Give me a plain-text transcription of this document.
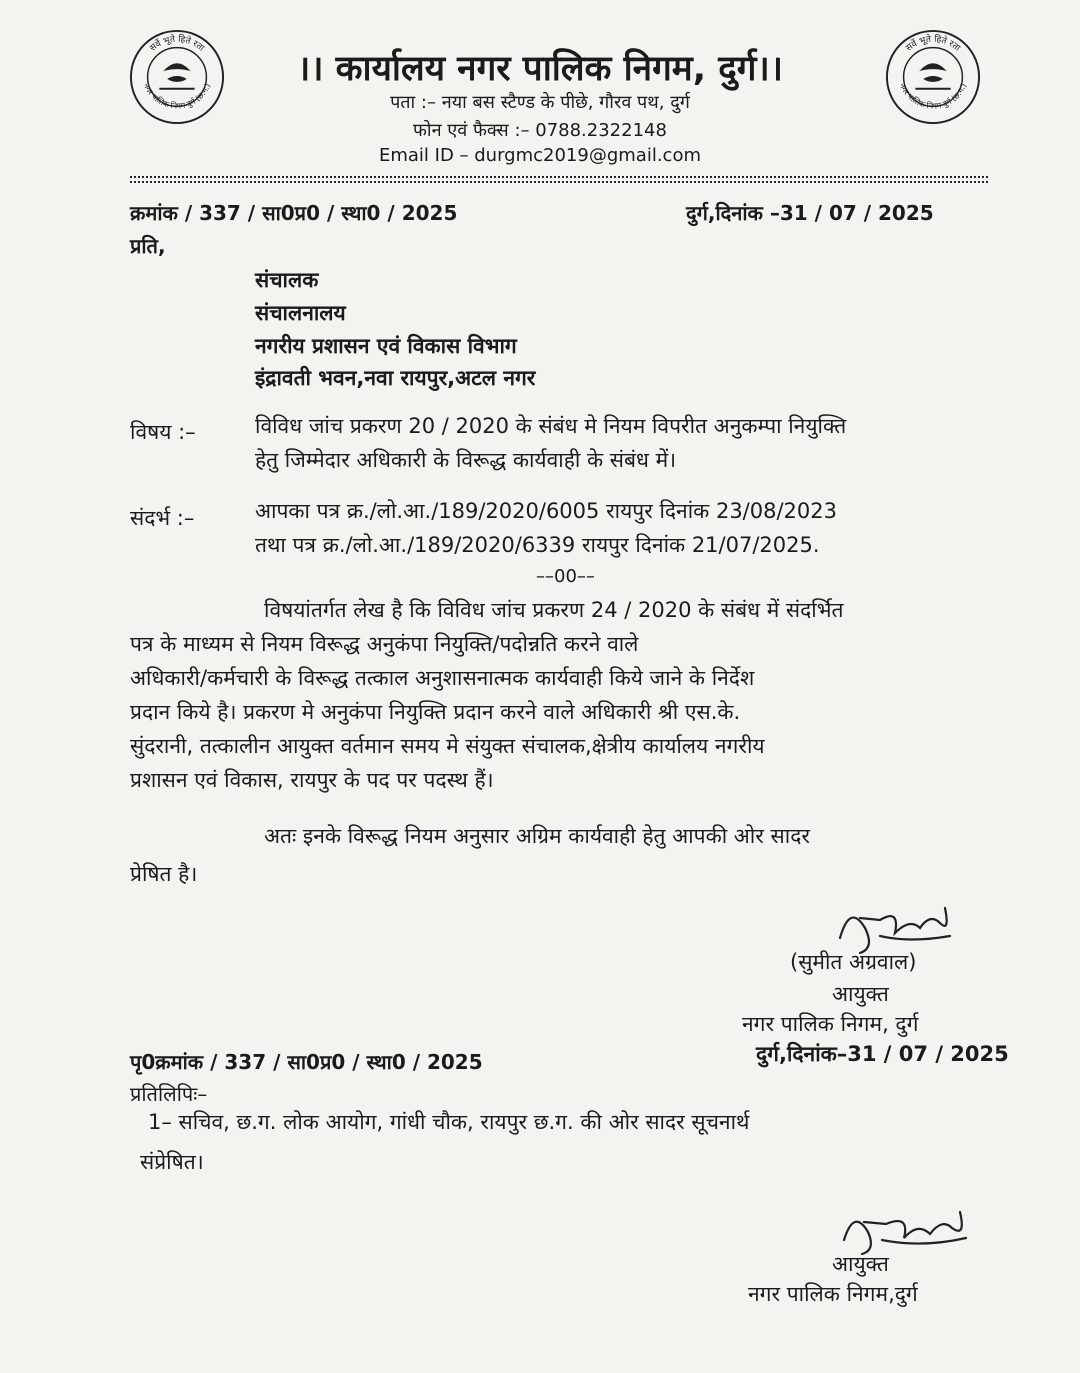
सर्वे भूते हिते रता
नगर पालिक निगम दुर्ग (छ.ग.)
सर्वे भूते हिते रता
नगर पालिक निगम दुर्ग (छ.ग.)
।। कार्यालय नगर पालिक निगम, दुर्ग।।
पता :– नया बस स्टैण्ड के पीछे, गौरव पथ, दुर्ग
फोन एवं फैक्स :– 0788.2322148
Email ID – durgmc2019@gmail.com
क्रमांक / 337 / सा0प्र0 / स्था0 / 2025	दुर्ग,दिनांक –31 / 07 / 2025
प्रति,
संचालक
संचालनालय
नगरीय प्रशासन एवं विकास विभाग
इंद्रावती भवन,नवा रायपुर,अटल नगर
विषय :–	विविध जांच प्रकरण 20 / 2020 के संबंध मे नियम विपरीत अनुकम्पा नियुक्ति
हेतु जिम्मेदार अधिकारी के विरूद्ध कार्यवाही के संबंध में।
संदर्भ :–	आपका पत्र क्र./लो.आ./189/2020/6005 रायपुर दिनांक 23/08/2023
तथा पत्र क्र./लो.आ./189/2020/6339 रायपुर दिनांक 21/07/2025.
––00––
विषयांतर्गत लेख है कि विविध जांच प्रकरण 24 / 2020 के संबंध में संदर्भित
पत्र के माध्यम से नियम विरूद्ध अनुकंपा नियुक्ति/पदोन्नति करने वाले
अधिकारी/कर्मचारी के विरूद्ध तत्काल अनुशासनात्मक कार्यवाही किये जाने के निर्देश
प्रदान किये है। प्रकरण मे अनुकंपा नियुक्ति प्रदान करने वाले अधिकारी श्री एस.के.
सुंदरानी, तत्कालीन आयुक्त वर्तमान समय मे संयुक्त संचालक,क्षेत्रीय कार्यालय नगरीय
प्रशासन एवं विकास, रायपुर के पद पर पदस्थ हैं।
अतः इनके विरूद्ध नियम अनुसार अग्रिम कार्यवाही हेतु आपकी ओर सादर
प्रेषित है।
(सुमीत अग्रवाल)
आयुक्त
नगर पालिक निगम, दुर्ग
दुर्ग,दिनांक–31 / 07 / 2025
पृ0क्रमांक / 337 / सा0प्र0 / स्था0 / 2025
प्रतिलिपिः–
1– सचिव, छ.ग. लोक आयोग, गांधी चौक, रायपुर छ.ग. की ओर सादर सूचनार्थ
संप्रेषित।
आयुक्त
नगर पालिक निगम,दुर्ग
